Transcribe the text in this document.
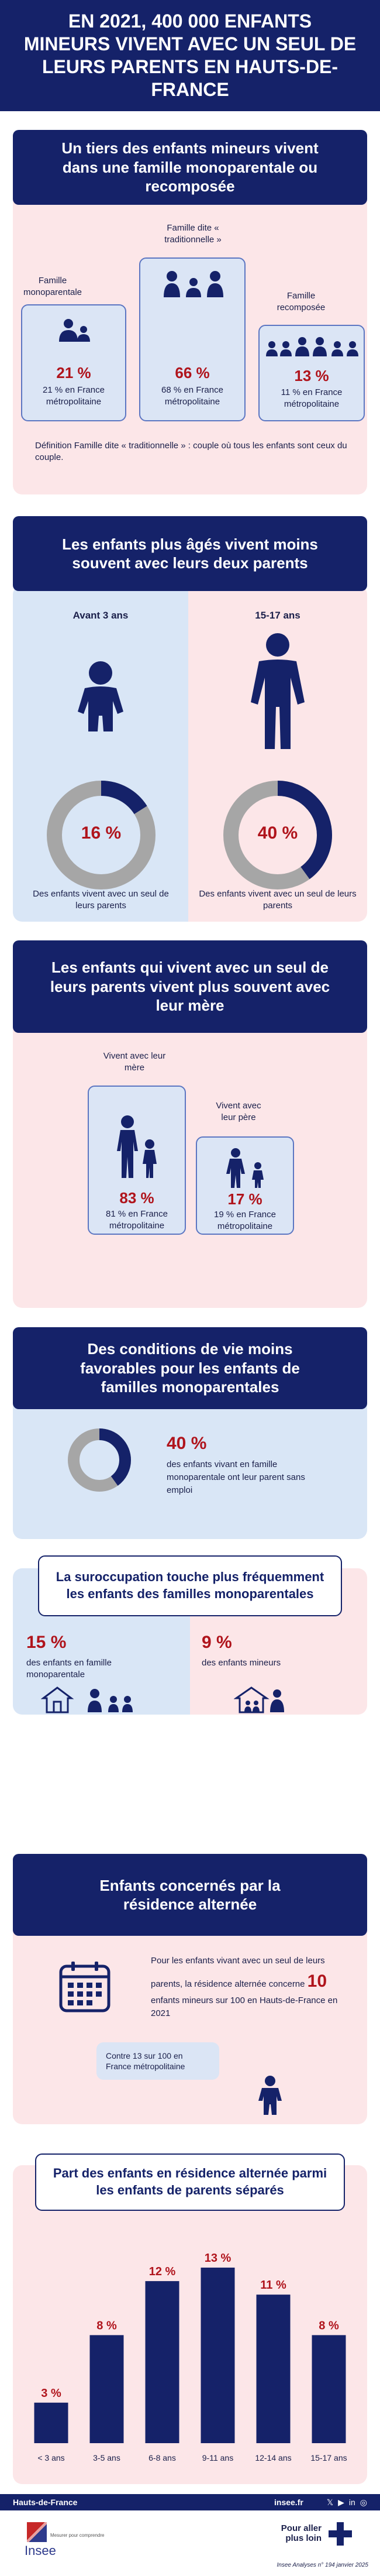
EN 2021, 400 000 ENFANTS MINEURS VIVENT AVEC UN SEUL DE LEURS PARENTS EN HAUTS-DE-FRANCE
Un tiers des enfants mineurs vivent dans une famille monoparentale ou recomposée
Famille monoparentale
21 %
21 % en France métropolitaine
Famille dite « traditionnelle »
66 %
68 % en France métropolitaine
Famille recomposée
13 %
11 % en France métropolitaine
Définition Famille dite « traditionnelle » : couple où tous les enfants sont ceux du couple.
Les enfants plus âgés vivent moins souvent avec leurs deux parents
Avant 3 ans
16 %
Des enfants vivent avec un seul de leurs parents
15-17 ans
40 %
Des enfants vivent avec un seul de leurs parents
Les enfants qui vivent avec un seul de leurs parents vivent plus souvent avec leur mère
Vivent avec leur mère
83 %
81 % en France métropolitaine
Vivent avec leur père
17 %
19 % en France métropolitaine
Des conditions de vie moins favorables pour les enfants de familles monoparentales
40 %
des enfants vivant en famille monoparentale ont leur parent sans emploi
La suroccupation touche plus fréquemment les enfants des familles monoparentales
15 %
des enfants en famille monoparentale
9 %
des enfants mineurs
Enfants concernés par la résidence alternée
Pour les enfants vivant avec un seul de leurs parents, la résidence alternée concerne 10 enfants mineurs sur 100 en Hauts-de-France en 2021
Contre 13 sur 100 en France métropolitaine
Part des enfants en résidence alternée parmi les enfants de parents séparés
3 %
< 3 ans
8 %
3-5 ans
12 %
6-8 ans
13 %
9-11 ans
11 %
12-14 ans
8 %
15-17 ans
Hauts-de-France	insee.fr	𝕏 ▶ in ◎
Mesurer pour comprendre
Insee
Pour aller plus loin
Insee Analyses n° 194 janvier 2025
